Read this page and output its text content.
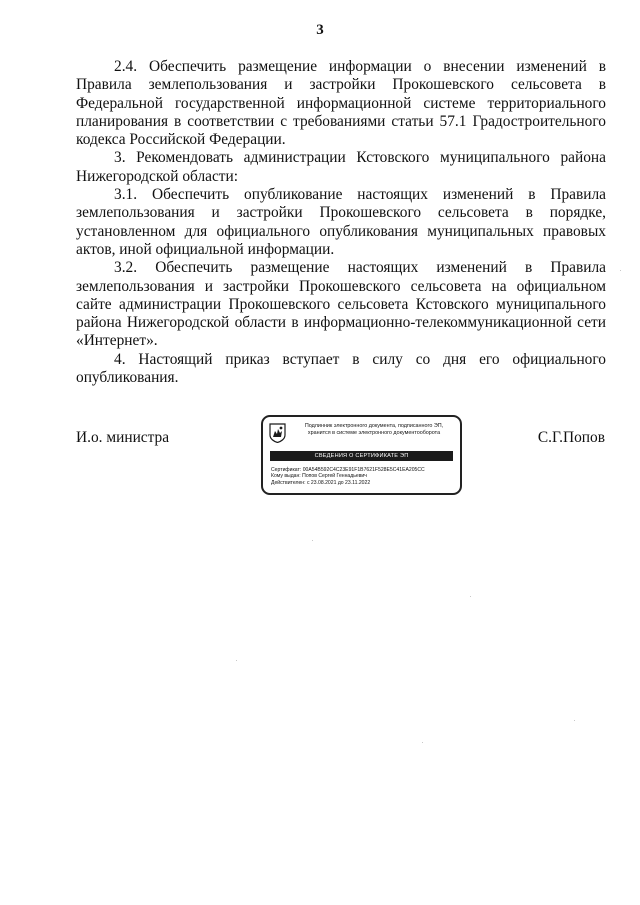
3

2.4. Обеспечить размещение информации о внесении изменений в Правила землепользования и застройки Прокошевского сельсовета в Федеральной государственной информационной системе территориального планирования в соответствии с требованиями статьи 57.1 Градостроительного кодекса Российской Федерации.

3. Рекомендовать администрации Кстовского муниципального района Нижегородской области:

3.1. Обеспечить опубликование настоящих изменений в Правила землепользования и застройки Прокошевского сельсовета в порядке, установленном для официального опубликования муниципальных правовых актов, иной официальной информации.

3.2. Обеспечить размещение настоящих изменений в Правила землепользования и застройки Прокошевского сельсовета на официальном сайте администрации Прокошевского сельсовета Кстовского муниципального района Нижегородской области в информационно-телекоммуникационной сети «Интернет».

4. Настоящий приказ вступает в силу со дня его официального опубликования.

И.о. министра
Подлинник электронного документа, подписанного ЭП,
хранится в системе электронного документооборота
СВЕДЕНИЯ О СЕРТИФИКАТЕ ЭП
Сертификат: 00A54B592C4C23E91F1B7621F528E5C41EA205CC
Кому выдан: Попов Сергей Геннадьевич
Действителен: с 23.08.2021 до 23.11.2022
С.Г.Попов
